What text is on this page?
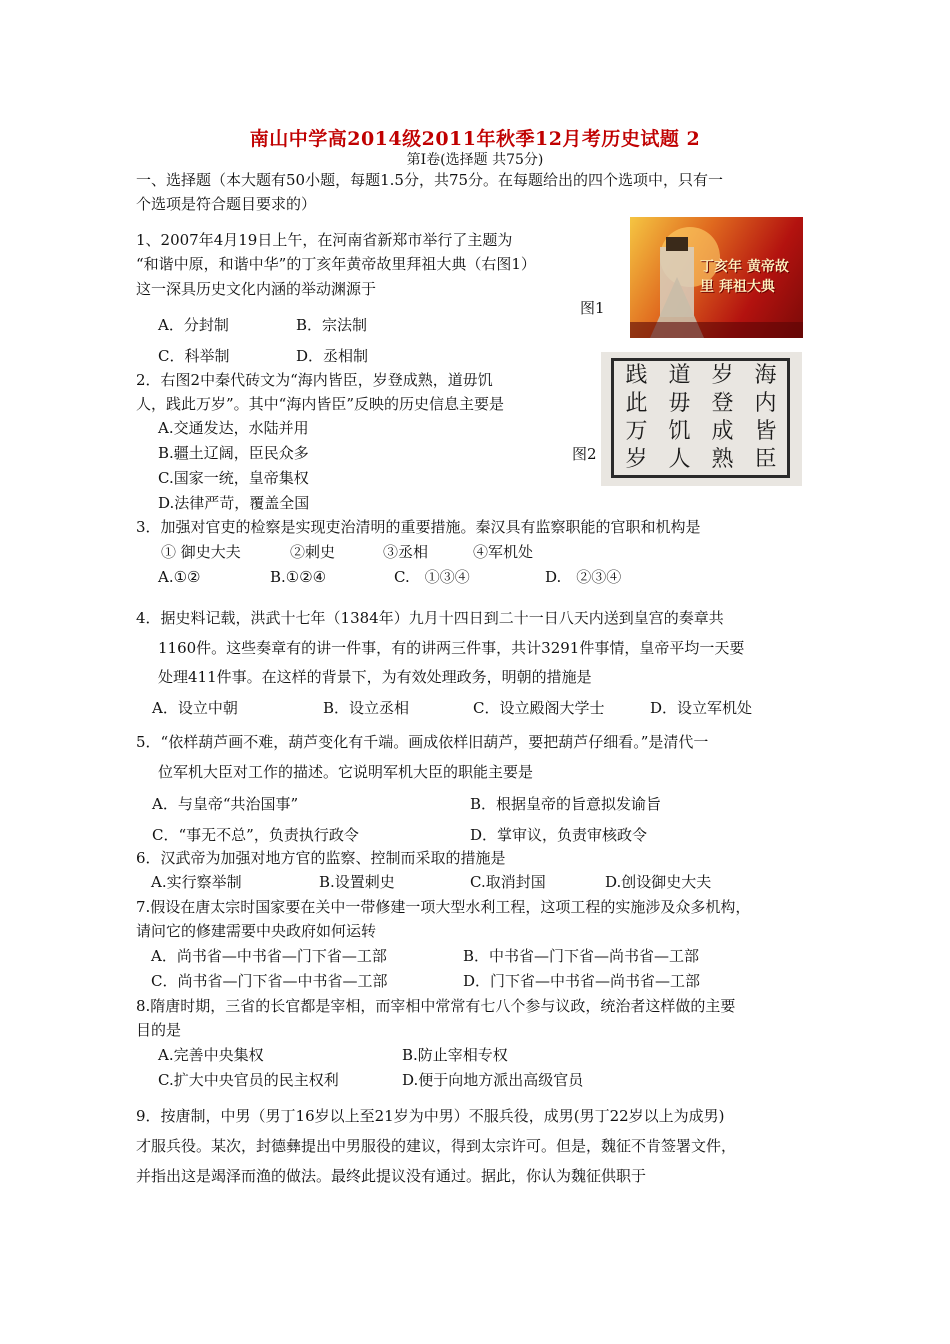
南山中学高2014级2011年秋季12月考历史试题 2
第Ⅰ卷(选择题 共75分)
一、选择题（本大题有50小题，每题1.5分，共75分。在每题给出的四个选项中，只有一
个选项是符合题目要求的）
1、2007年4月19日上午，在河南省新郑市举行了主题为
“和谐中原，和谐中华”的丁亥年黄帝故里拜祖大典（右图1）
这一深具历史文化内涵的举动渊源于
图1
A．分封制	B．宗法制
C．科举制	D．丞相制
丁亥年 黄帝故里 拜祖大典
2．右图2中秦代砖文为“海内皆臣，岁登成熟，道毋饥
人，践此万岁”。其中“海内皆臣”反映的历史信息主要是
A.交通发达，水陆并用
B.疆土辽阔，臣民众多	图2
C.国家一统，皇帝集权
D.法律严苛，覆盖全国
践 道 岁 海
此 毋 登 内
万 饥 成 皆
岁 人 熟 臣
3．加强对官吏的检察是实现吏治清明的重要措施。秦汉具有监察职能的官职和机构是
① 御史大夫	②刺史	③丞相	④军机处
A.①②	B.①②④	C.　①③④	D.　②③④
4．据史料记载，洪武十七年（1384年）九月十四日到二十一日八天内送到皇宫的奏章共
1160件。这些奏章有的讲一件事，有的讲两三件事，共计3291件事情，皇帝平均一天要
处理411件事。在这样的背景下，为有效处理政务，明朝的措施是
A．设立中朝	B．设立丞相	C．设立殿阁大学士	D．设立军机处
5．“依样葫芦画不难，葫芦变化有千端。画成依样旧葫芦，要把葫芦仔细看。”是清代一
位军机大臣对工作的描述。它说明军机大臣的职能主要是
A．与皇帝“共治国事”	B．根据皇帝的旨意拟发谕旨
C．“事无不总”，负责执行政令	D．掌审议，负责审核政令
6．汉武帝为加强对地方官的监察、控制而采取的措施是
A.实行察举制	B.设置刺史	C.取消封国	D.创设御史大夫
7.假设在唐太宗时国家要在关中一带修建一项大型水利工程，这项工程的实施涉及众多机构，
请问它的修建需要中央政府如何运转
A．尚书省—中书省—门下省—工部	B．中书省—门下省—尚书省—工部
C．尚书省—门下省—中书省—工部	D．门下省—中书省—尚书省—工部
8.隋唐时期，三省的长官都是宰相，而宰相中常常有七八个参与议政，统治者这样做的主要
目的是
A.完善中央集权	B.防止宰相专权
C.扩大中央官员的民主权利	D.便于向地方派出高级官员
9．按唐制，中男（男丁16岁以上至21岁为中男）不服兵役，成男(男丁22岁以上为成男)
才服兵役。某次，封德彝提出中男服役的建议，得到太宗许可。但是，魏征不肯签署文件，
并指出这是竭泽而渔的做法。最终此提议没有通过。据此，你认为魏征供职于
